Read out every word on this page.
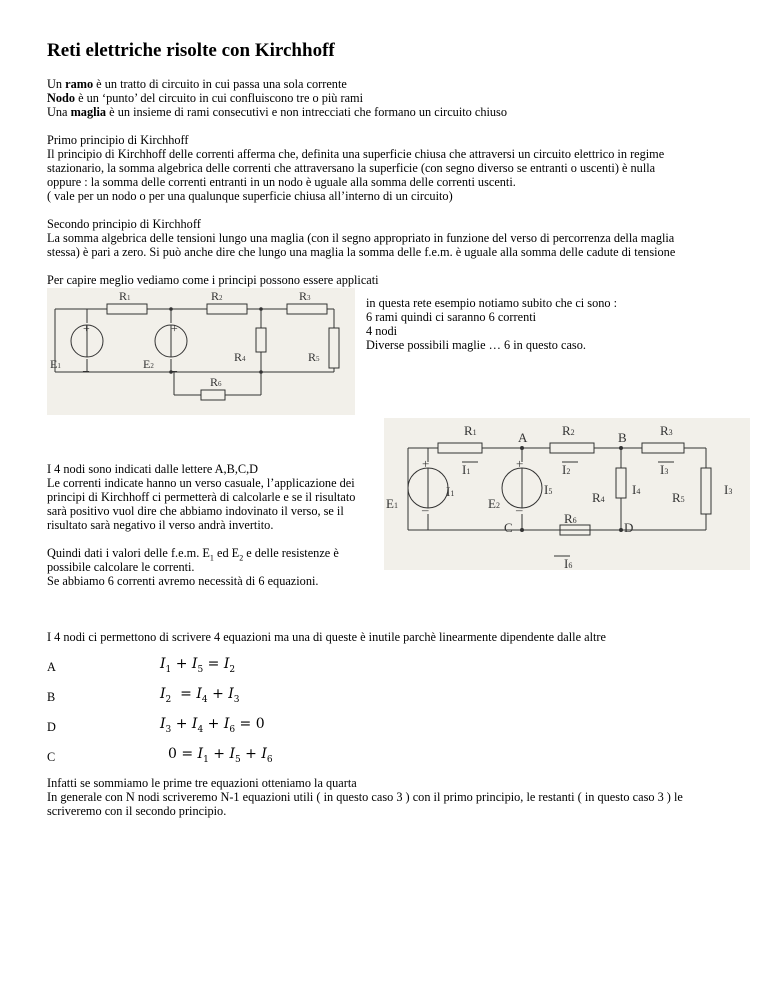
Reti elettriche risolte con Kirchhoff
Un ramo è un tratto di circuito in cui passa una sola corrente
Nodo è un ‘punto’ del circuito in cui confluiscono tre o più rami
Una maglia è un insieme di rami consecutivi e non intrecciati che formano un circuito chiuso
Primo principio di Kirchhoff
Il principio di Kirchhoff delle correnti afferma che, definita una superficie chiusa che attraversi un circuito elettrico in regime
stazionario, la somma algebrica delle correnti che attraversano la superficie (con segno diverso se entranti o uscenti) è nulla
oppure : la somma delle correnti entranti in un nodo è uguale alla somma delle correnti uscenti.
( vale per un nodo o per una qualunque superficie chiusa all’interno di un circuito)
Secondo principio di Kirchhoff
La somma algebrica delle tensioni lungo una maglia (con il segno appropriato in funzione del verso di percorrenza della maglia
stessa) è pari a zero. Si può anche dire che lungo una maglia la somma delle f.e.m. è uguale alla somma delle cadute di tensione
Per capire meglio vediamo come i principi possono essere applicati
R1	R2	R3
R4	R5
R6
E1	E2
+
–
+
–
in questa rete esempio notiamo subito che ci sono :
6 rami quindi ci saranno 6 correnti
4 nodi
Diverse possibili maglie … 6 in questo caso.
R1	R2	R3
R4	R5
R6
E1	E2
+
–
+
–
A	B
C	D
I1
I1
I2	I3
I4
I5
I6
I3
I 4 nodi sono indicati dalle lettere A,B,C,D
Le correnti indicate hanno un verso casuale, l’applicazione dei
principi di Kirchhoff ci permetterà di calcolarle e se il risultato
sarà positivo vuol dire che abbiamo indovinato il verso, se il
risultato sarà negativo il verso andrà invertito.
Quindi dati i valori delle f.e.m. $E_1$ ed $E_2$ e delle resistenze è
possibile calcolare le correnti.
Se abbiamo 6 correnti avremo necessità di 6 equazioni.
I 4 nodi ci permettono di scrivere 4 equazioni ma una di queste è inutile parchè linearmente dipendente dalle altre
A	$I_1 + I_5 = I_2$
B	$I_2 = I_4 + I_3$
D	$I_3 + I_4 + I_6 = 0$
C	$0 = I_1 + I_5 + I_6$
Infatti se sommiamo le prime tre equazioni otteniamo la quarta
In generale con N nodi scriveremo N-1 equazioni utili ( in questo caso 3 ) con il primo principio, le restanti ( in questo caso 3 ) le
scriveremo con il secondo principio.
